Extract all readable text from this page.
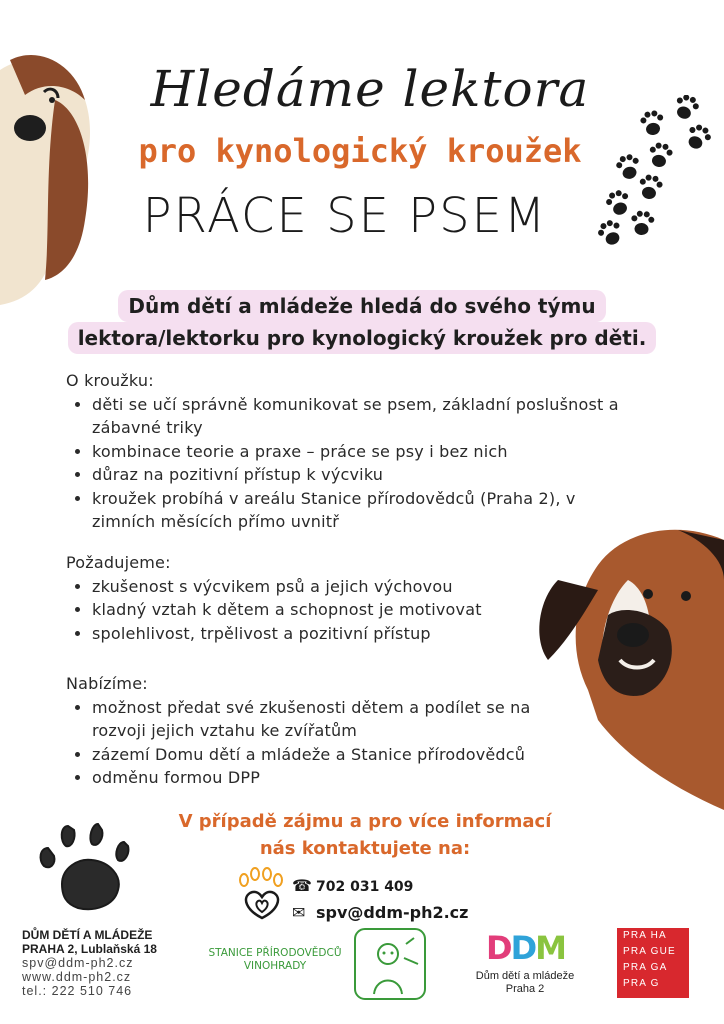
Hledáme lektora
pro kynologický kroužek
PRÁCE SE PSEM
Dům dětí a mládeže hledá do svého týmu
lektora/lektorku pro kynologický kroužek pro děti.
O kroužku:
• děti se učí správně komunikovat se psem, základní poslušnost a zábavné triky
• kombinace teorie a praxe – práce se psy i bez nich
• důraz na pozitivní přístup k výcviku
• kroužek probíhá v areálu Stanice přírodovědců (Praha 2), v zimních měsících přímo uvnitř
Požadujeme:
• zkušenost s výcvikem psů a jejich výchovou
• kladný vztah k dětem a schopnost je motivovat
• spolehlivost, trpělivost a pozitivní přístup
Nabízíme:
• možnost předat své zkušenosti dětem a podílet se na rozvoji jejich vztahu ke zvířatům
• zázemí Domu dětí a mládeže a Stanice přírodovědců
• odměnu formou DPP
V případě zájmu a pro více informací
nás kontaktujete na:
☎ 702 031 409
✉ spv@ddm-ph2.cz
DŮM DĚTÍ A MLÁDEŽE
PRAHA 2, Lublaňská 18
spv@ddm-ph2.cz
www.ddm-ph2.cz
tel.: 222 510 746
STANICE PŘÍRODOVĚDCŮ
VINOHRADY	DDM
Dům dětí a mládeže
Praha 2
PRA HA
PRA GUE
PRA GA
PRA G
